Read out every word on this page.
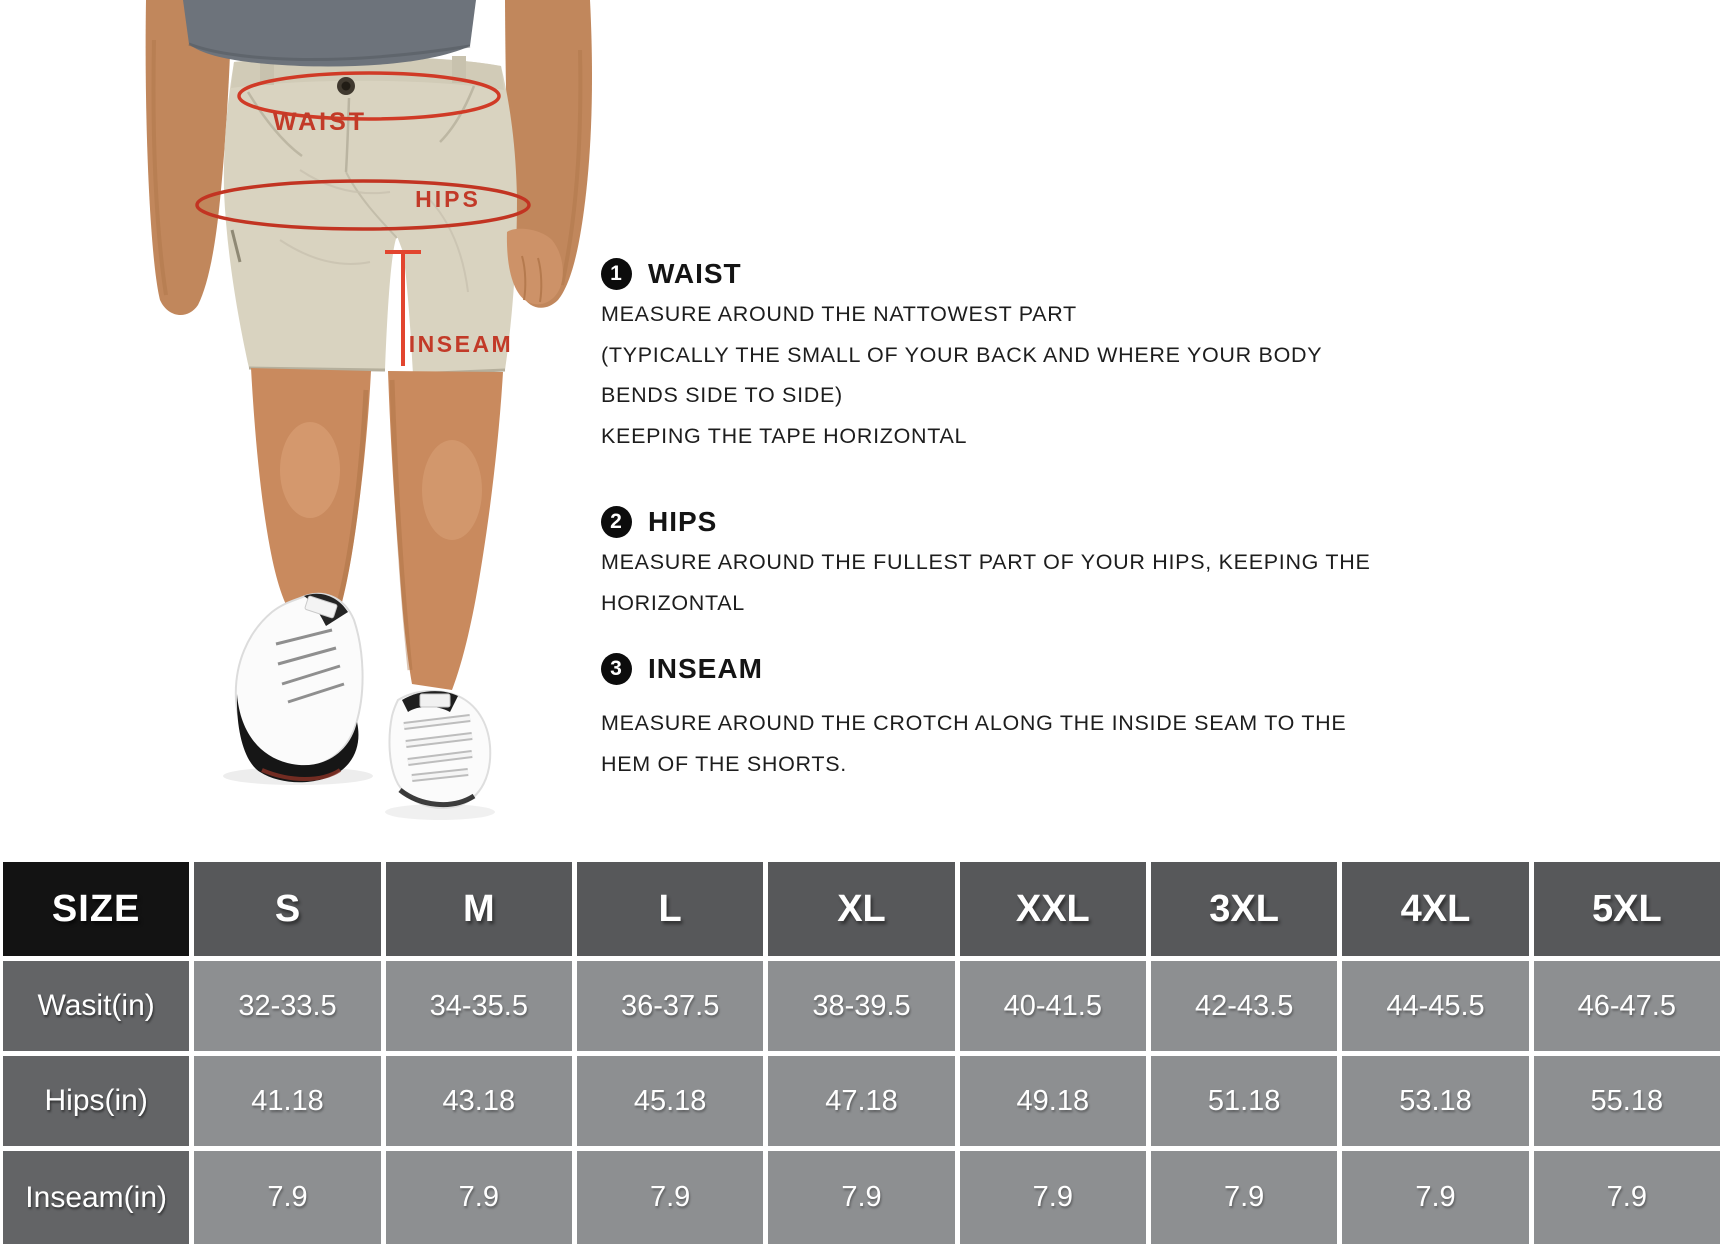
WAIST
HIPS
INSEAM
1 WAIST
MEASURE AROUND THE NATTOWEST PART
(TYPICALLY THE SMALL OF YOUR BACK AND WHERE YOUR BODY
BENDS SIDE TO SIDE)
KEEPING THE TAPE HORIZONTAL
2 HIPS
MEASURE AROUND THE FULLEST PART OF YOUR HIPS, KEEPING THE
HORIZONTAL
3 INSEAM
MEASURE AROUND THE CROTCH ALONG THE INSIDE SEAM TO THE
HEM OF THE SHORTS.
SIZE	S	M	L	XL	XXL	3XL	4XL	5XL
Wasit(in)	32-33.5	34-35.5	36-37.5	38-39.5	40-41.5	42-43.5	44-45.5	46-47.5
Hips(in)	41.18	43.18	45.18	47.18	49.18	51.18	53.18	55.18
Inseam(in)	7.9	7.9	7.9	7.9	7.9	7.9	7.9	7.9
